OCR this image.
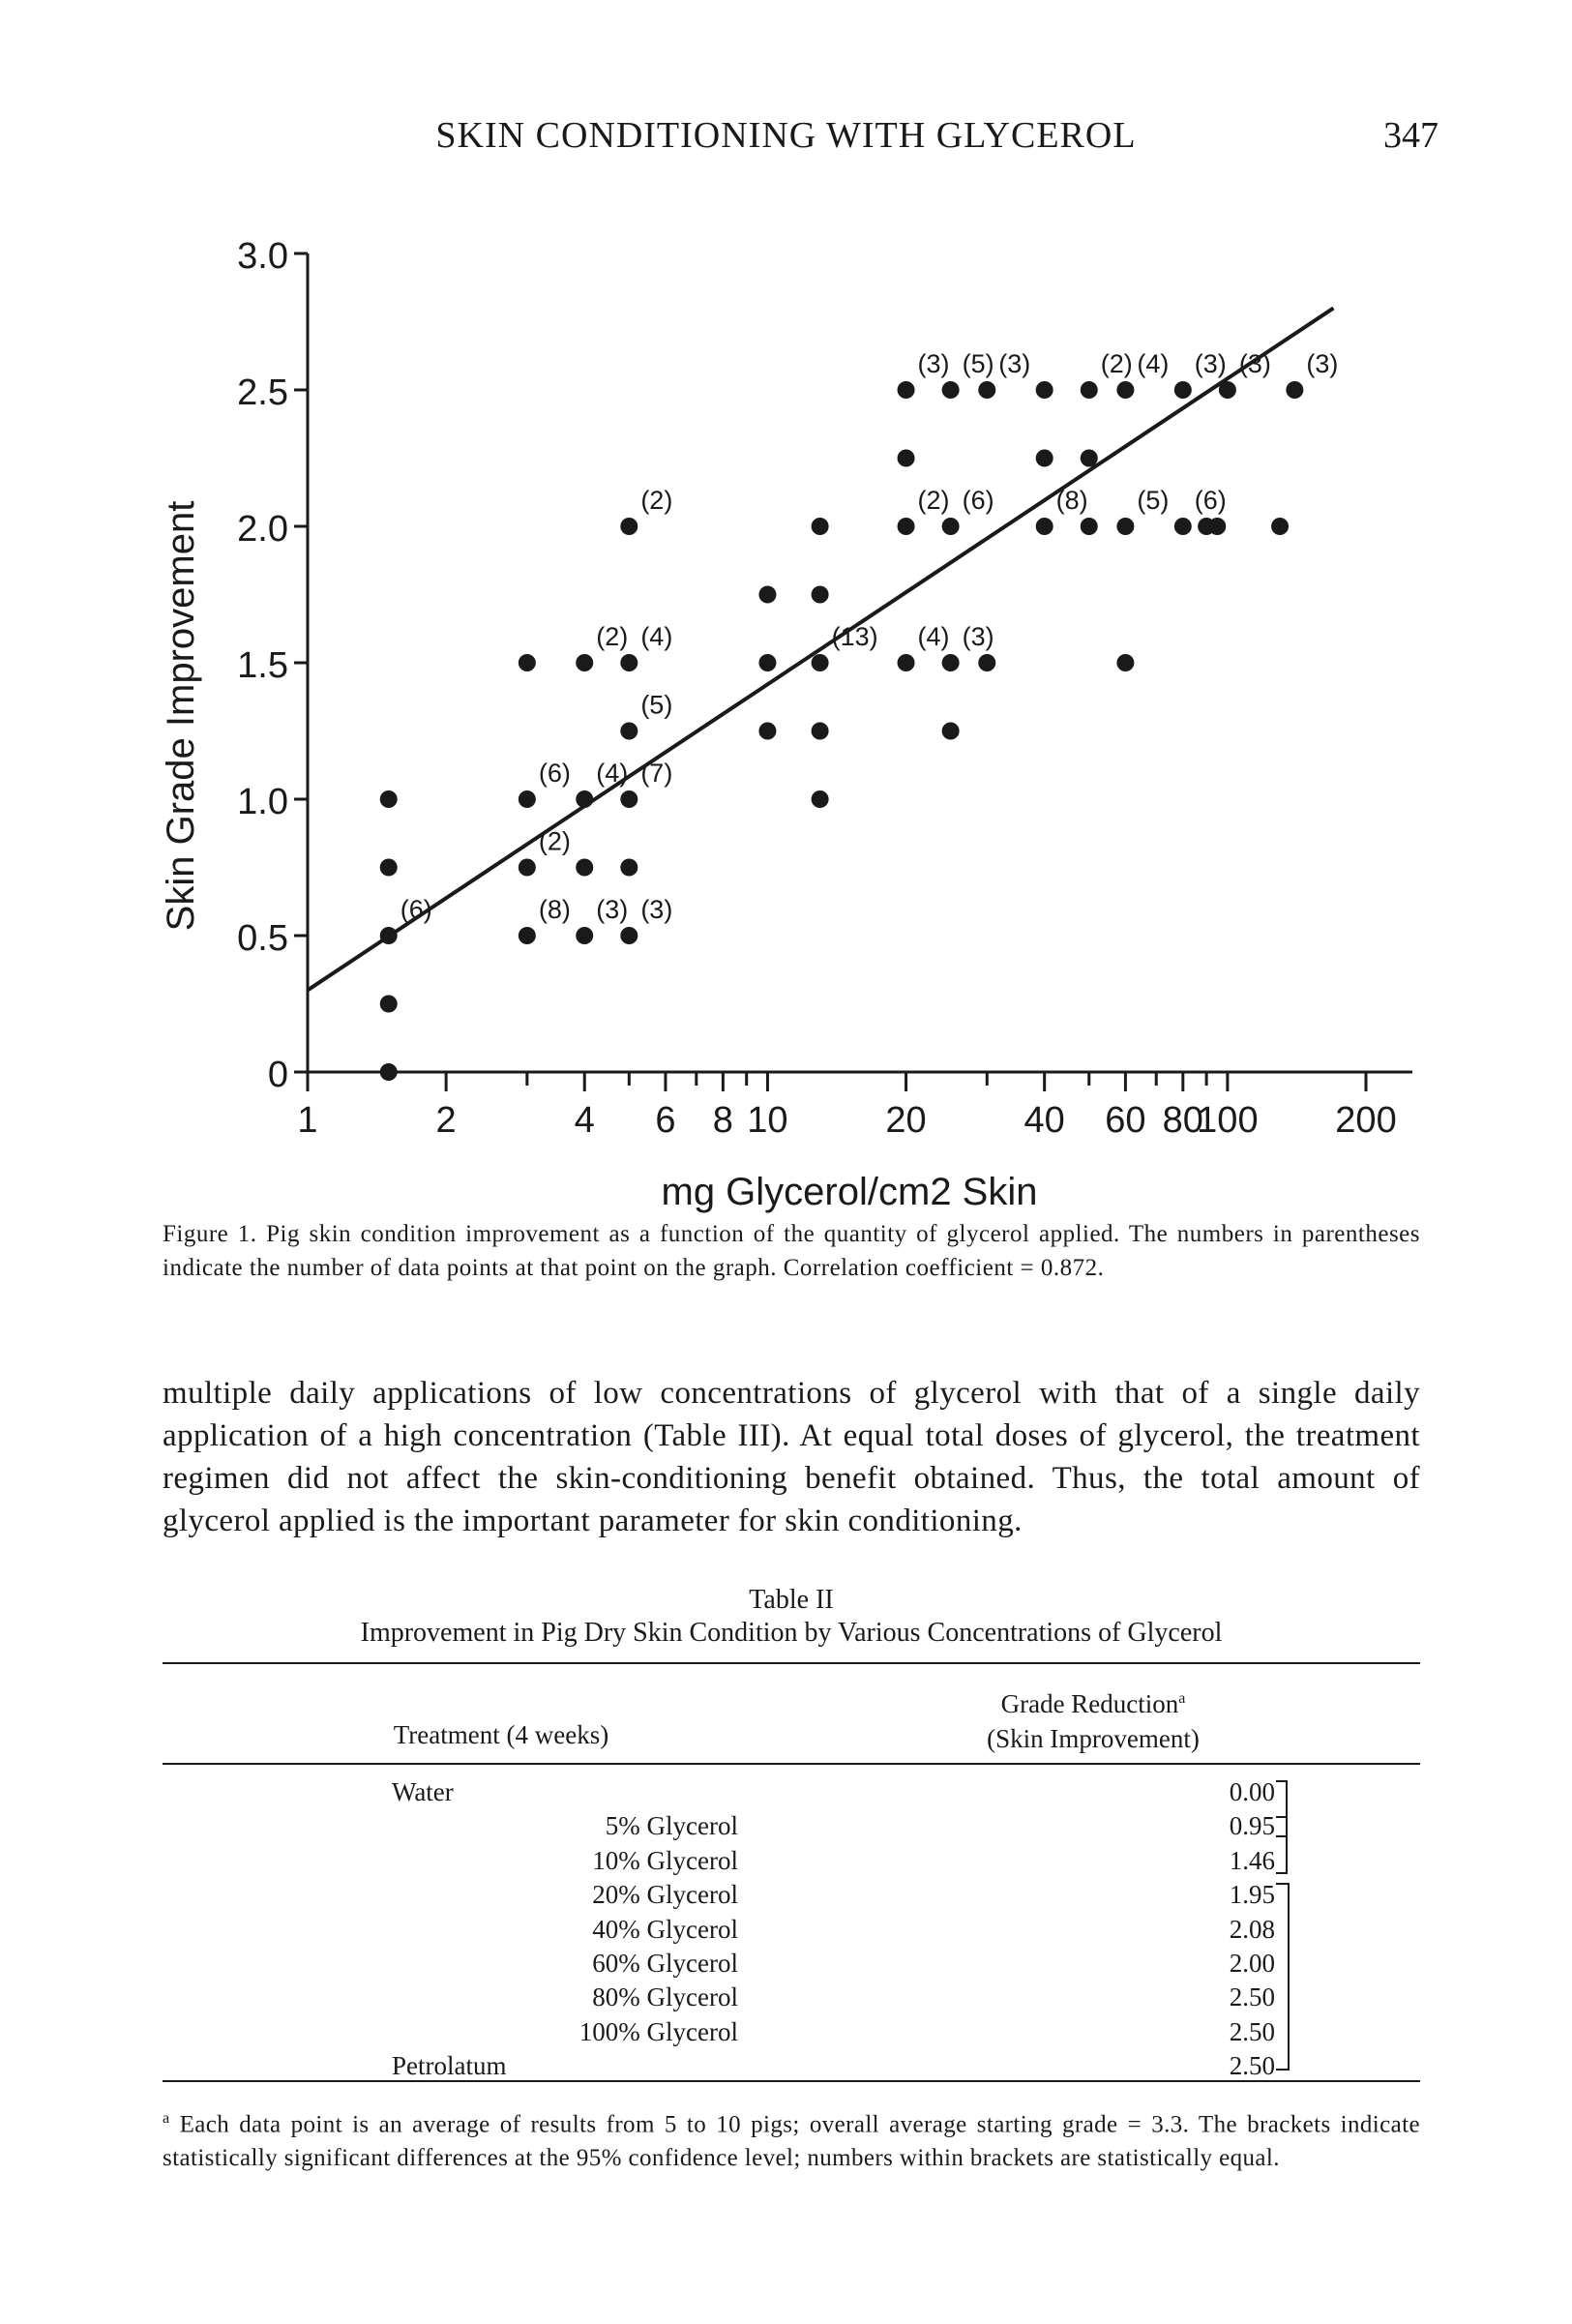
SKIN CONDITIONING WITH GLYCEROL	347
(6)	(8)
(2)
(6)
(3)
(4)
(2)
(3)
(7)
(5)
(4)
(2)
(13) (4)
(2)
(3)
(3)
(6)
(5) (3)
(8)
(2)
(5)
(4)
(6)
(3) (3) (3)
0
0.5
1.0
1.5
2.0
2.5
3.0
1	2	4 6 8 10	20	40 60 80
100 200
Skin Grade Improvement
mg Glycerol/cm2 Skin
Figure 1. Pig skin condition improvement as a function of the quantity of glycerol applied. The numbers in parentheses indicate the number of data points at that point on the graph. Correlation coefficient = 0.872.
multiple daily applications of low concentrations of glycerol with that of a single daily application of a high concentration (Table III). At equal total doses of glycerol, the treatment regimen did not affect the skin-conditioning benefit obtained. Thus, the total amount of glycerol applied is the important parameter for skin conditioning.
Table II
Improvement in Pig Dry Skin Condition by Various Concentrations of Glycerol
Treatment (4 weeks)
Grade Reduction$^a$
(Skin Improvement)
Water	0.00
5% Glycerol	0.95
10% Glycerol	1.46
20% Glycerol	1.95
40% Glycerol	2.08
60% Glycerol	2.00
80% Glycerol	2.50
100% Glycerol	2.50
Petrolatum	2.50
$^a$ Each data point is an average of results from 5 to 10 pigs; overall average starting grade = 3.3. The brackets indicate statistically significant differences at the 95% confidence level; numbers within brackets are statistically equal.
